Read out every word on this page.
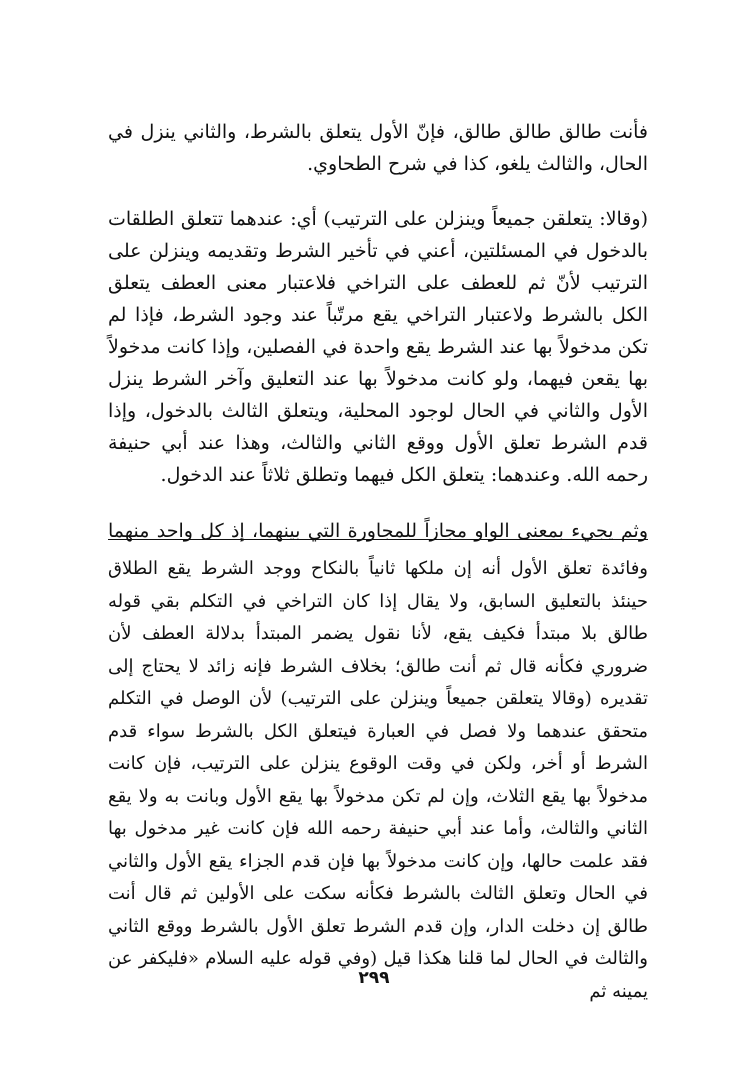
فأنت طالق طالق طالق، فإنّ الأول يتعلق بالشرط، والثاني ينزل في الحال، والثالث يلغو، كذا في شرح الطحاوي.

(وقالا: يتعلقن جميعاً وينزلن على الترتيب) أي: عندهما تتعلق الطلقات بالدخول في المسئلتين، أعني في تأخير الشرط وتقديمه وينزلن على الترتيب لأنّ ثم للعطف على التراخي فلاعتبار معنى العطف يتعلق الكل بالشرط ولاعتبار التراخي يقع مرتّباً عند وجود الشرط، فإذا لم تكن مدخولاً بها عند الشرط يقع واحدة في الفصلين، وإذا كانت مدخولاً بها يقعن فيهما، ولو كانت مدخولاً بها عند التعليق وآخر الشرط ينزل الأول والثاني في الحال لوجود المحلية، ويتعلق الثالث بالدخول، وإذا قدم الشرط تعلق الأول ووقع الثاني والثالث، وهذا عند أبي حنيفة رحمه الله. وعندهما: يتعلق الكل فيهما وتطلق ثلاثاً عند الدخول.

وثم يجيء بمعنى الواو مجازاً للمجاورة التي بينهما، إذ كل واحد منهما

وفائدة تعلق الأول أنه إن ملكها ثانياً بالنكاح ووجد الشرط يقع الطلاق حينئذ بالتعليق السابق، ولا يقال إذا كان التراخي في التكلم بقي قوله طالق بلا مبتدأ فكيف يقع، لأنا نقول يضمر المبتدأ بدلالة العطف لأن ضروري فكأنه قال ثم أنت طالق؛ بخلاف الشرط فإنه زائد لا يحتاج إلى تقديره (وقالا يتعلقن جميعاً وينزلن على الترتيب) لأن الوصل في التكلم متحقق عندهما ولا فصل في العبارة فيتعلق الكل بالشرط سواء قدم الشرط أو أخر، ولكن في وقت الوقوع ينزلن على الترتيب، فإن كانت مدخولاً بها يقع الثلاث، وإن لم تكن مدخولاً بها يقع الأول وبانت به ولا يقع الثاني والثالث، وأما عند أبي حنيفة رحمه الله فإن كانت غير مدخول بها فقد علمت حالها، وإن كانت مدخولاً بها فإن قدم الجزاء يقع الأول والثاني في الحال وتعلق الثالث بالشرط فكأنه سكت على الأولين ثم قال أنت طالق إن دخلت الدار، وإن قدم الشرط تعلق الأول بالشرط ووقع الثاني والثالث في الحال لما قلنا هكذا قيل (وفي قوله عليه السلام «فليكفر عن يمينه ثم

٢٩٩
